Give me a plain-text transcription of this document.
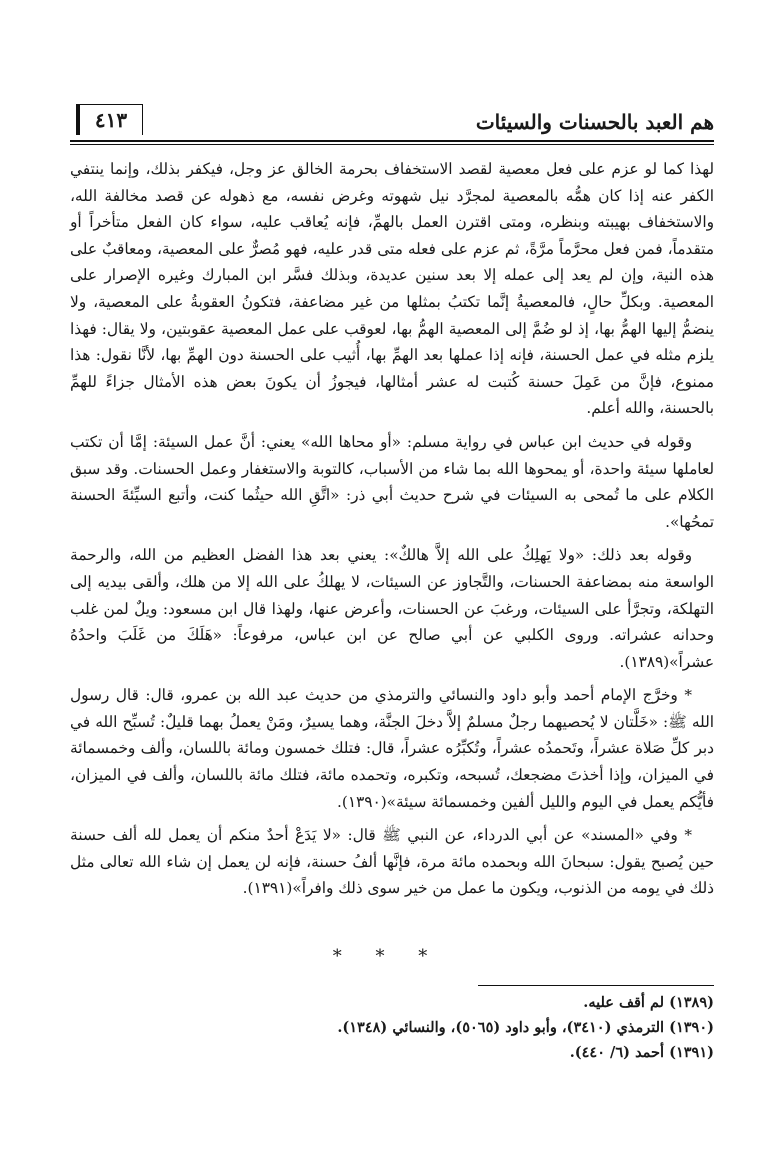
هم العبد بالحسنات والسيئات
٤١٣

لهذا كما لو عزم على فعل معصية لقصد الاستخفاف بحرمة الخالق عز وجل، فيكفر بذلك، وإنما ينتفي الكفر عنه إذا كان همُّه بالمعصية لمجرَّد نيل شهوته وغرض نفسه، مع ذهوله عن قصد مخالفة الله، والاستخفاف بهيبته وبنظره، ومتى اقترن العمل بالهمِّ، فإنه يُعاقب عليه، سواء كان الفعل متأخراً أو متقدماً، فمن فعل محرَّماً مرَّةً، ثم عزم على فعله متى قدر عليه، فهو مُصرٌّ على المعصية، ومعاقبٌ على هذه النية، وإن لم يعد إلى عمله إلا بعد سنين عديدة، وبذلك فسَّر ابن المبارك وغيره الإصرار على المعصية. وبكلِّ حالٍ، فالمعصيةُ إنَّما تكتبُ بمثلها من غير مضاعفة، فتكونُ العقوبةُ على المعصية، ولا ينضمُّ إليها الهمُّ بها، إذ لو ضُمَّ إلى المعصية الهمُّ بها، لعوقب على عمل المعصية عقوبتين، ولا يقال: فهذا يلزم مثله في عمل الحسنة، فإنه إذا عملها بعد الهمِّ بها، أُثيب على الحسنة دون الهمِّ بها، لأنَّا نقول: هذا ممنوع، فإنَّ من عَمِلَ حسنة كُتبت له عشر أمثالها، فيجوزُ أن يكونَ بعض هذه الأمثال جزاءً للهمِّ بالحسنة، والله أعلم.

وقوله في حديث ابن عباس في رواية مسلم: «أو محاها الله» يعني: أنَّ عمل السيئة: إمَّا أن تكتب لعاملها سيئة واحدة، أو يمحوها الله بما شاء من الأسباب، كالتوبة والاستغفار وعمل الحسنات. وقد سبق الكلام على ما تُمحى به السيئات في شرح حديث أبي ذر: «اتَّقِ الله حيثُما كنت، وأتبع السيِّئةَ الحسنة تمحُها».

وقوله بعد ذلك: «ولا يَهلِكُ على الله إلاَّ هالكٌ»: يعني بعد هذا الفضل العظيم من الله، والرحمة الواسعة منه بمضاعفة الحسنات، والتَّجاوز عن السيئات، لا يهلكُ على الله إلا من هلك، وألقى بيديه إلى التهلكة، وتجرَّأ على السيئات، ورغبَ عن الحسنات، وأعرض عنها، ولهذا قال ابن مسعود: ويلٌ لمن غلب وحدانه عشراته. وروى الكلبي عن أبي صالح عن ابن عباس، مرفوعاً: «هَلَكَ من غَلَبَ واحدُهُ عشراً»(١٣٨٩).

* وخرَّج الإمام أحمد وأبو داود والنسائي والترمذي من حديث عبد الله بن عمرو، قال: قال رسول الله ﷺ: «خَلَّتان لا يُحصيهما رجلٌ مسلمٌ إلاَّ دخلَ الجنَّة، وهما يسيرٌ، ومَنْ يعملُ بهما قليلٌ: تُسبِّح الله في دبر كلِّ صَلاة عشراً، وتَحمدُه عشراً، وتُكبِّرُه عشراً، قال: فتلك خمسون ومائة باللسان، وألف وخمسمائة في الميزان، وإذا أخذتَ مضجعك، تُسبحه، وتكبره، وتحمده مائة، فتلك مائة باللسان، وألف في الميزان، فأيُّكم يعمل في اليوم والليل ألفين وخمسمائة سيئة»(١٣٩٠).

* وفي «المسند» عن أبي الدرداء، عن النبي ﷺ قال: «لا يَدَعْ أحدٌ منكم أن يعمل لله ألف حسنة حين يُصبح يقول: سبحانَ الله وبحمده مائة مرة، فإنَّها ألفُ حسنة، فإنه لن يعمل إن شاء الله تعالى مثل ذلك في يومه من الذنوب، ويكون ما عمل من خير سوى ذلك وافراً»(١٣٩١).

* * *
(١٣٨٩) لم أقف عليه.
(١٣٩٠) الترمذي (٣٤١٠)، وأبو داود (٥٠٦٥)، والنسائي (١٣٤٨).
(١٣٩١) أحمد (٦/ ٤٤٠).
